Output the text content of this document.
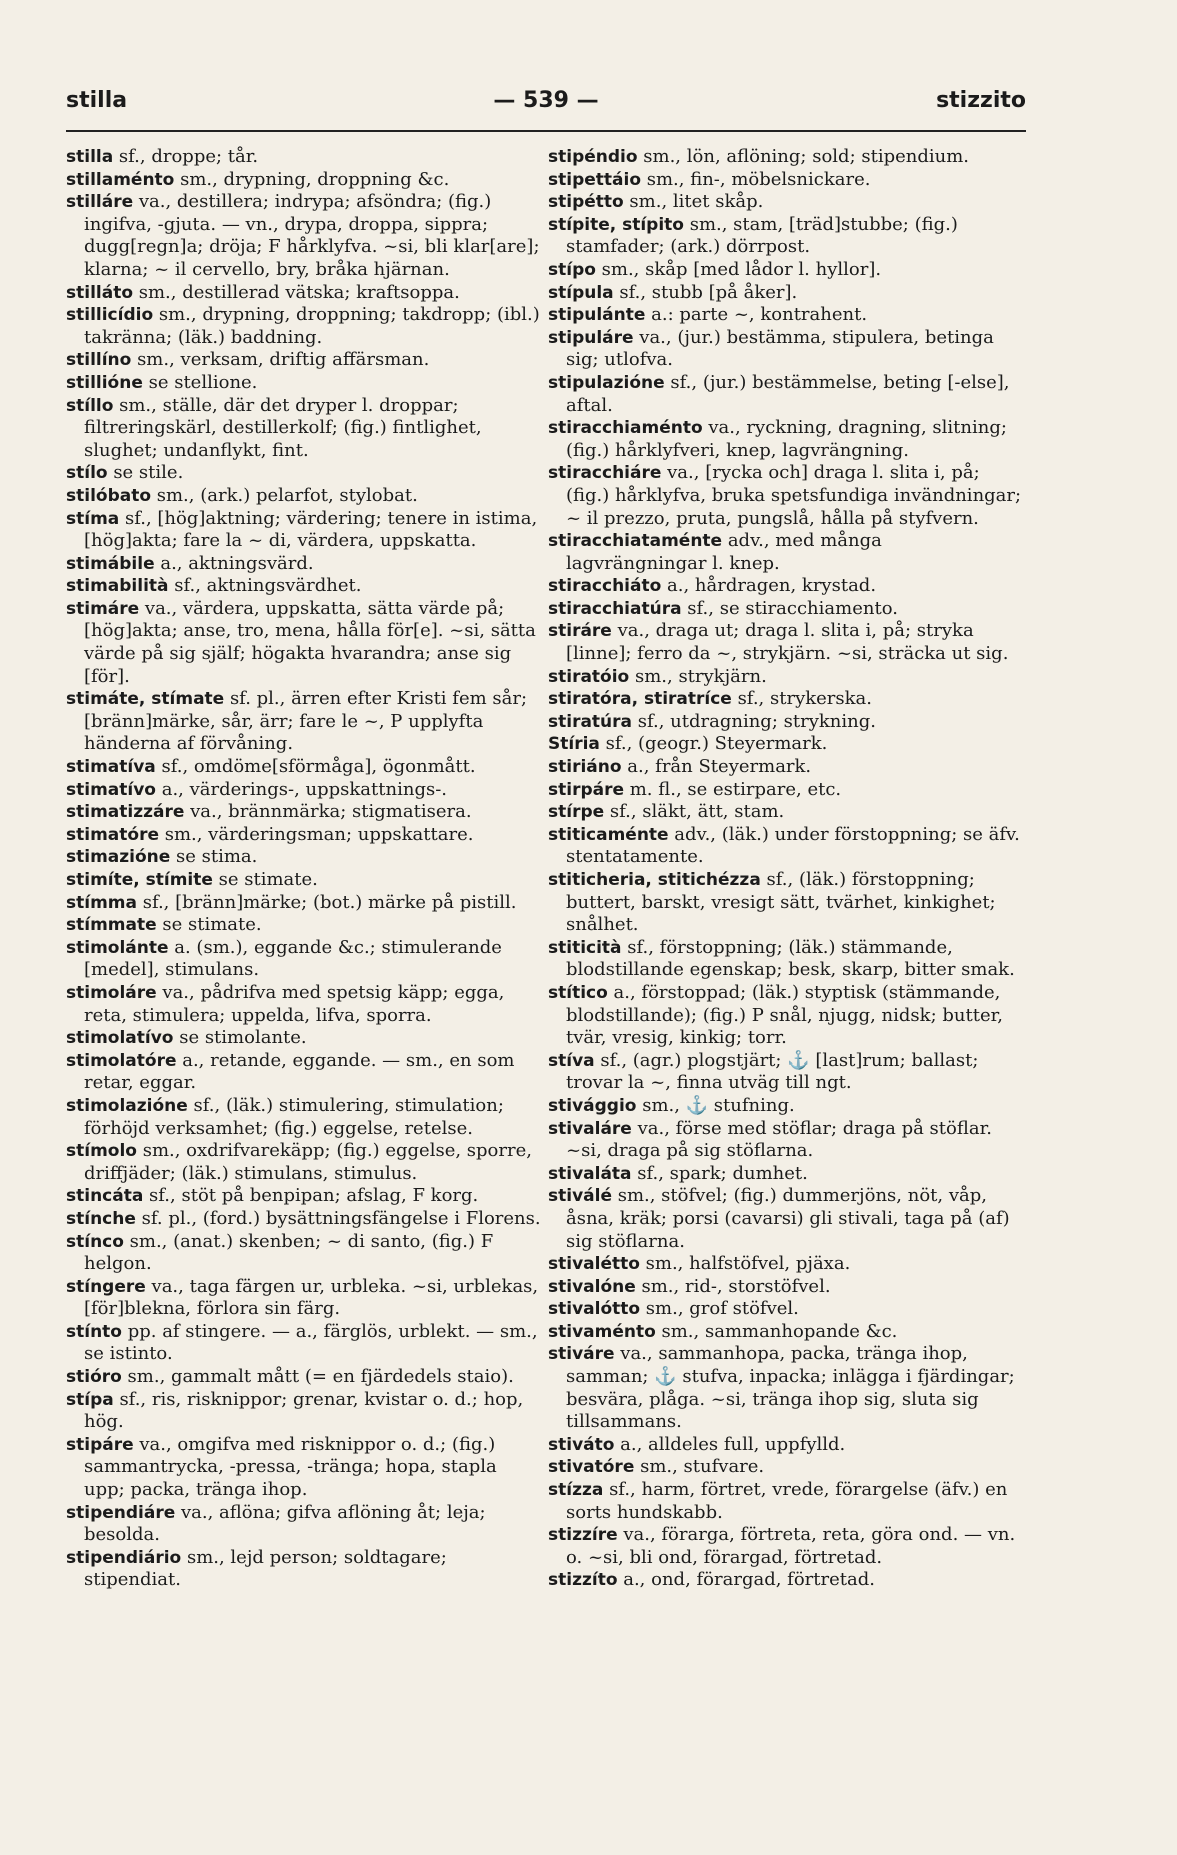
stilla	— 539 —	stizzito
stilla sf., droppe; tår.
stillaménto sm., drypning, droppning &c.
stilláre va., destillera; indrypa; afsöndra; (fig.) ingifva, -gjuta. — vn., drypa, droppa, sippra; dugg[regn]a; dröja; F hårklyfva. ~si, bli klar[are]; klarna; ~ il cervello, bry, bråka hjärnan.
stilláto sm., destillerad vätska; kraftsoppa.
stillicídio sm., drypning, droppning; takdropp; (ibl.) takränna; (läk.) baddning.
stillíno sm., verksam, driftig affärsman.
stillióne se stellione.
stíllo sm., ställe, där det dryper l. droppar; filtreringskärl, destillerkolf; (fig.) fintlighet, slughet; undanflykt, fint.
stílo se stile.
stilóbato sm., (ark.) pelarfot, stylobat.
stíma sf., [hög]aktning; värdering; tenere in istima, [hög]akta; fare la ~ di, värdera, uppskatta.
stimábile a., aktningsvärd.
stimabilità sf., aktningsvärdhet.
stimáre va., värdera, uppskatta, sätta värde på; [hög]akta; anse, tro, mena, hålla för[e]. ~si, sätta värde på sig själf; högakta hvarandra; anse sig [för].
stimáte, stímate sf. pl., ärren efter Kristi fem sår; [bränn]märke, sår, ärr; fare le ~, P upplyfta händerna af förvåning.
stimatíva sf., omdöme[sförmåga], ögonmått.
stimatívo a., värderings-, uppskattnings-.
stimatizzáre va., brännmärka; stigmatisera.
stimatóre sm., värderingsman; uppskattare.
stimazióne se stima.
stimíte, stímite se stimate.
stímma sf., [bränn]märke; (bot.) märke på pistill.
stímmate se stimate.
stimolánte a. (sm.), eggande &c.; stimulerande [medel], stimulans.
stimoláre va., pådrifva med spetsig käpp; egga, reta, stimulera; uppelda, lifva, sporra.
stimolatívo se stimolante.
stimolatóre a., retande, eggande. — sm., en som retar, eggar.
stimolazióne sf., (läk.) stimulering, stimulation; förhöjd verksamhet; (fig.) eggelse, retelse.
stímolo sm., oxdrifvarekäpp; (fig.) eggelse, sporre, driffjäder; (läk.) stimulans, stimulus.
stincáta sf., stöt på benpipan; afslag, F korg.
stínche sf. pl., (ford.) bysättningsfängelse i Florens.
stínco sm., (anat.) skenben; ~ di santo, (fig.) F helgon.
stíngere va., taga färgen ur, urbleka. ~si, urblekas, [för]blekna, förlora sin färg.
stínto pp. af stingere. — a., färglös, urblekt. — sm., se istinto.
stióro sm., gammalt mått (= en fjärdedels staio).
stípa sf., ris, risknippor; grenar, kvistar o. d.; hop, hög.
stipáre va., omgifva med risknippor o. d.; (fig.) sammantrycka, -pressa, -tränga; hopa, stapla upp; packa, tränga ihop.
stipendiáre va., aflöna; gifva aflöning åt; leja; besolda.
stipendiário sm., lejd person; soldtagare; stipendiat.
stipéndio sm., lön, aflöning; sold; stipendium.
stipettáio sm., fin-, möbelsnickare.
stipétto sm., litet skåp.
stípite, stípito sm., stam, [träd]stubbe; (fig.) stamfader; (ark.) dörrpost.
stípo sm., skåp [med lådor l. hyllor].
stípula sf., stubb [på åker].
stipulánte a.: parte ~, kontrahent.
stipuláre va., (jur.) bestämma, stipulera, betinga sig; utlofva.
stipulazióne sf., (jur.) bestämmelse, beting [-else], aftal.
stiracchiaménto va., ryckning, dragning, slitning; (fig.) hårklyfveri, knep, lagvrängning.
stiracchiáre va., [rycka och] draga l. slita i, på; (fig.) hårklyfva, bruka spetsfundiga invändningar; ~ il prezzo, pruta, pungslå, hålla på styfvern.
stiracchiataménte adv., med många lagvrängningar l. knep.
stiracchiáto a., hårdragen, krystad.
stiracchiatúra sf., se stiracchiamento.
stiráre va., draga ut; draga l. slita i, på; stryka [linne]; ferro da ~, strykjärn. ~si, sträcka ut sig.
stiratóio sm., strykjärn.
stiratóra, stiratríce sf., strykerska.
stiratúra sf., utdragning; strykning.
Stíria sf., (geogr.) Steyermark.
stiriáno a., från Steyermark.
stirpáre m. fl., se estirpare, etc.
stírpe sf., släkt, ätt, stam.
stiticaménte adv., (läk.) under förstoppning; se äfv. stentatamente.
stiticheria, stitichézza sf., (läk.) förstoppning; buttert, barskt, vresigt sätt, tvärhet, kinkighet; snålhet.
stiticità sf., förstoppning; (läk.) stämmande, blodstillande egenskap; besk, skarp, bitter smak.
stítico a., förstoppad; (läk.) styptisk (stämmande, blodstillande); (fig.) P snål, njugg, nidsk; butter, tvär, vresig, kinkig; torr.
stíva sf., (agr.) plogstjärt; ⚓ [last]rum; ballast; trovar la ~, finna utväg till ngt.
stivággio sm., ⚓ stufning.
stivaláre va., förse med stöflar; draga på stöflar. ~si, draga på sig stöflarna.
stivaláta sf., spark; dumhet.
stiválé sm., stöfvel; (fig.) dummerjöns, nöt, våp, åsna, kräk; porsi (cavarsi) gli stivali, taga på (af) sig stöflarna.
stivalétto sm., halfstöfvel, pjäxa.
stivalóne sm., rid-, storstöfvel.
stivalótto sm., grof stöfvel.
stivaménto sm., sammanhopande &c.
stiváre va., sammanhopa, packa, tränga ihop, samman; ⚓ stufva, inpacka; inlägga i fjärdingar; besvära, plåga. ~si, tränga ihop sig, sluta sig tillsammans.
stiváto a., alldeles full, uppfylld.
stivatóre sm., stufvare.
stízza sf., harm, förtret, vrede, förargelse (äfv.) en sorts hundskabb.
stizzíre va., förarga, förtreta, reta, göra ond. — vn. o. ~si, bli ond, förargad, förtretad.
stizzíto a., ond, förargad, förtretad.
